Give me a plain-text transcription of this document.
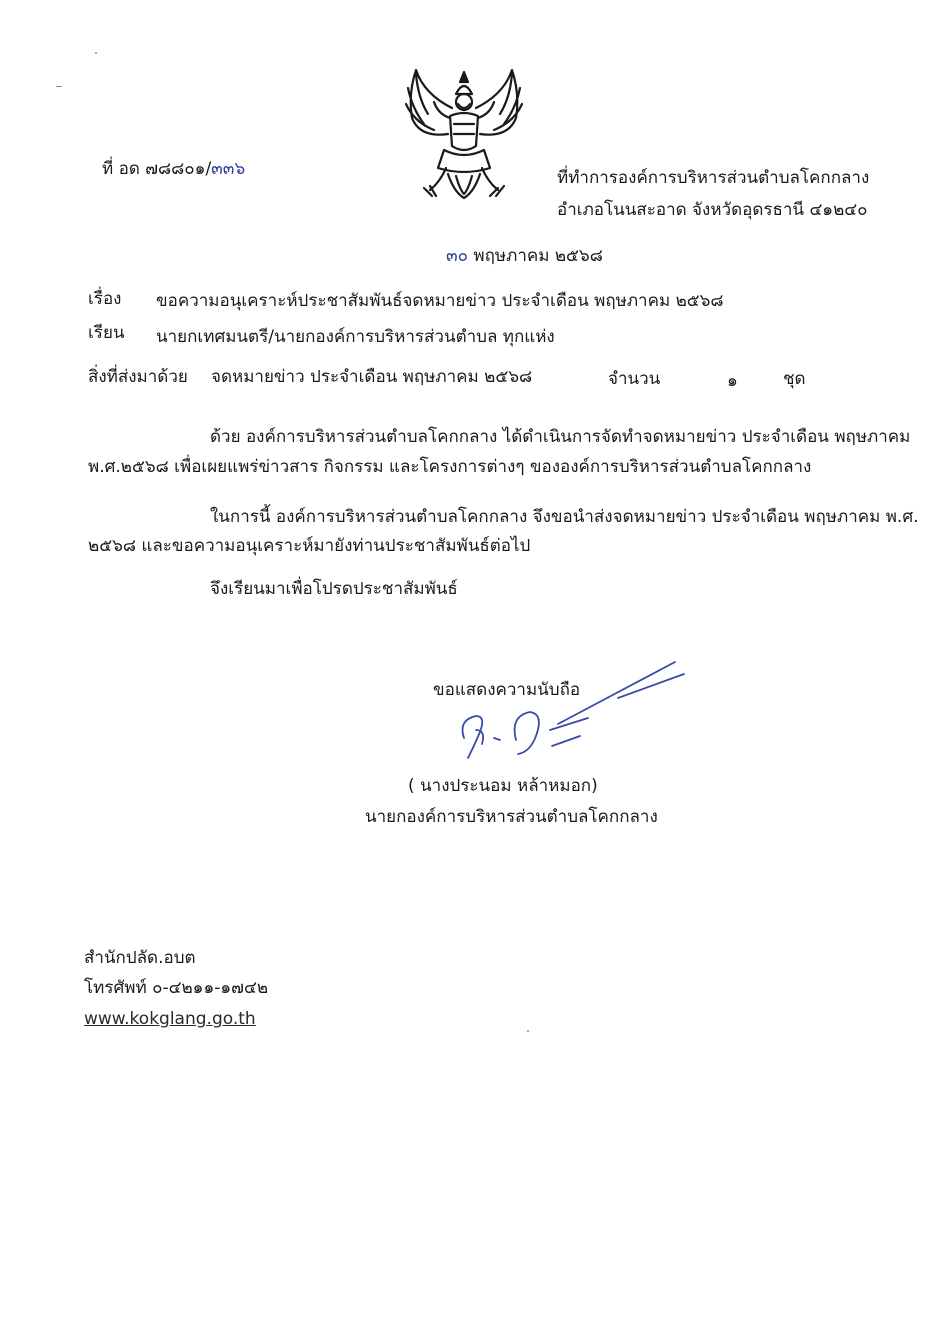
ที่ อด ๗๘๘๐๑/๓๓๖	ที่ทำการองค์การบริหารส่วนตำบลโคกกลาง
อำเภอโนนสะอาด จังหวัดอุดรธานี ๔๑๒๔๐
๓๐ พฤษภาคม ๒๕๖๘
เรื่อง ขอความอนุเคราะห์ประชาสัมพันธ์จดหมายข่าว ประจำเดือน พฤษภาคม ๒๕๖๘
เรียน นายกเทศมนตรี/นายกองค์การบริหารส่วนตำบล ทุกแห่ง
สิ่งที่ส่งมาด้วย จดหมายข่าว ประจำเดือน พฤษภาคม ๒๕๖๘	จำนวน	๑	ชุด
ด้วย องค์การบริหารส่วนตำบลโคกกลาง ได้ดำเนินการจัดทำจดหมายข่าว ประจำเดือน พฤษภาคม
พ.ศ.๒๕๖๘ เพื่อเผยแพร่ข่าวสาร กิจกรรม และโครงการต่างๆ ขององค์การบริหารส่วนตำบลโคกกลาง
ในการนี้ องค์การบริหารส่วนตำบลโคกกลาง จึงขอนำส่งจดหมายข่าว ประจำเดือน พฤษภาคม พ.ศ.
๒๕๖๘ และขอความอนุเคราะห์มายังท่านประชาสัมพันธ์ต่อไป
จึงเรียนมาเพื่อโปรดประชาสัมพันธ์
ขอแสดงความนับถือ
( นางประนอม หล้าหมอก)
นายกองค์การบริหารส่วนตำบลโคกกลาง
สำนักปลัด.อบต
โทรศัพท์ ๐-๔๒๑๑-๑๗๔๒
www.kokglang.go.th
